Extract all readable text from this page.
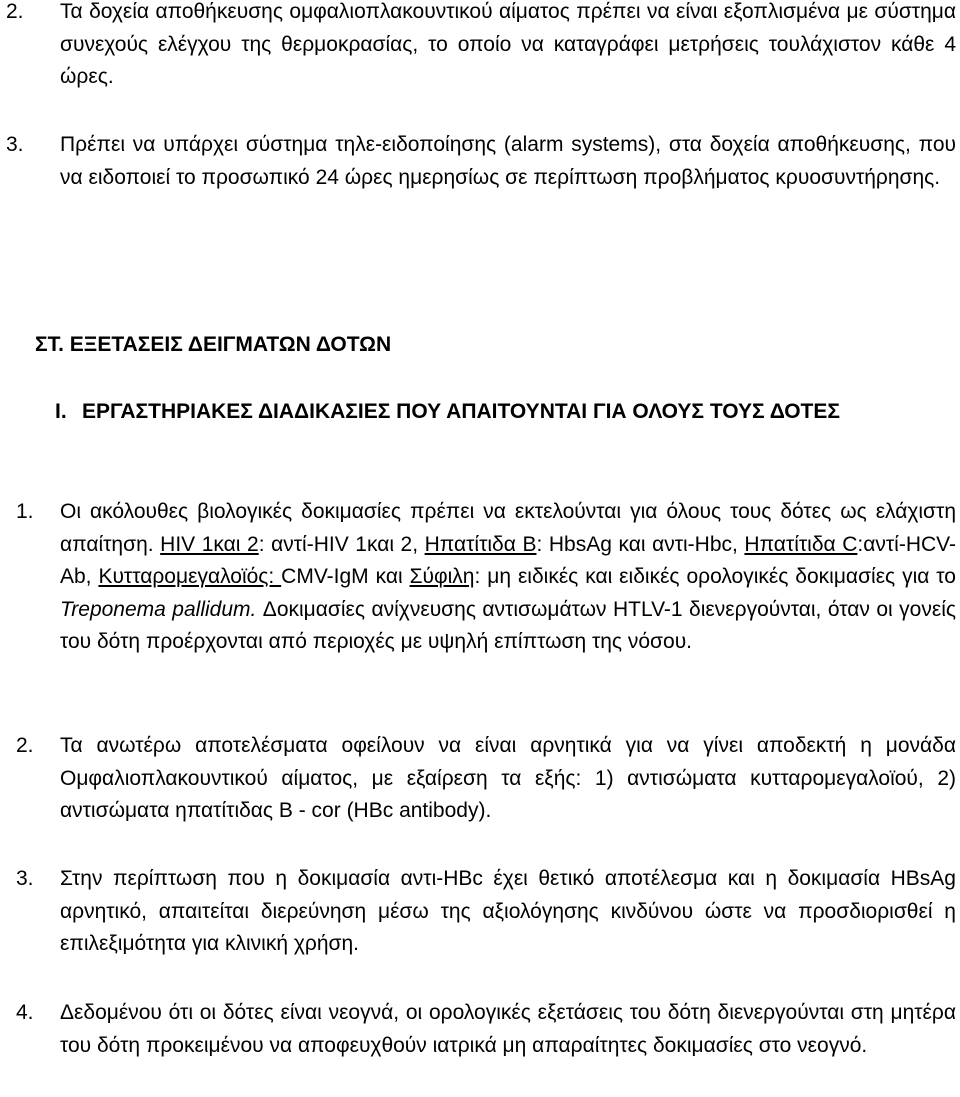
2. Τα δοχεία αποθήκευσης ομφαλιοπλακουντικού αίματος πρέπει να είναι εξοπλισμένα με σύστημα συνεχούς ελέγχου της θερμοκρασίας, το οποίο να καταγράφει μετρήσεις τουλάχιστον κάθε 4 ώρες.
3. Πρέπει να υπάρχει σύστημα τηλε-ειδοποίησης (alarm systems), στα δοχεία αποθήκευσης, που να ειδοποιεί το προσωπικό 24 ώρες ημερησίως σε περίπτωση προβλήματος κρυοσυντήρησης.
ΣΤ. ΕΞΕΤΑΣΕΙΣ ΔΕΙΓΜΑΤΩΝ ΔΟΤΩΝ
Ι. ΕΡΓΑΣΤΗΡΙΑΚΕΣ ΔΙΑΔΙΚΑΣΙΕΣ ΠΟΥ ΑΠΑΙΤΟΥΝΤΑΙ ΓΙΑ ΟΛΟΥΣ ΤΟΥΣ ΔΟΤΕΣ
1. Οι ακόλουθες βιολογικές δοκιμασίες πρέπει να εκτελούνται για όλους τους δότες ως ελάχιστη απαίτηση. HIV 1και 2: αντί-HIV 1και 2, Ηπατίτιδα Β: HbsAg και αντι-Hbc, Ηπατίτιδα C:αντί-HCV-Ab, Κυτταρομεγαλοϊός: CMV-IgM και Σύφιλη: μη ειδικές και ειδικές ορολογικές δοκιμασίες για το Treponema pallidum. Δοκιμασίες ανίχνευσης αντισωμάτων HTLV-1 διενεργούνται, όταν οι γονείς του δότη προέρχονται από περιοχές με υψηλή επίπτωση της νόσου.
2. Τα ανωτέρω αποτελέσματα οφείλουν να είναι αρνητικά για να γίνει αποδεκτή η μονάδα Ομφαλιοπλακουντικού αίματος, με εξαίρεση τα εξής: 1) αντισώματα κυτταρομεγαλοϊού, 2) αντισώματα ηπατίτιδας Β - cor (HBc antibody).
3. Στην περίπτωση που η δοκιμασία αντι-HBc έχει θετικό αποτέλεσμα και η δοκιμασία HBsAg αρνητικό, απαιτείται διερεύνηση μέσω της αξιολόγησης κινδύνου ώστε να προσδιορισθεί η επιλεξιμότητα για κλινική χρήση.
4. Δεδομένου ότι οι δότες είναι νεογνά, οι ορολογικές εξετάσεις του δότη διενεργούνται στη μητέρα του δότη προκειμένου να αποφευχθούν ιατρικά μη απαραίτητες δοκιμασίες στο νεογνό.
